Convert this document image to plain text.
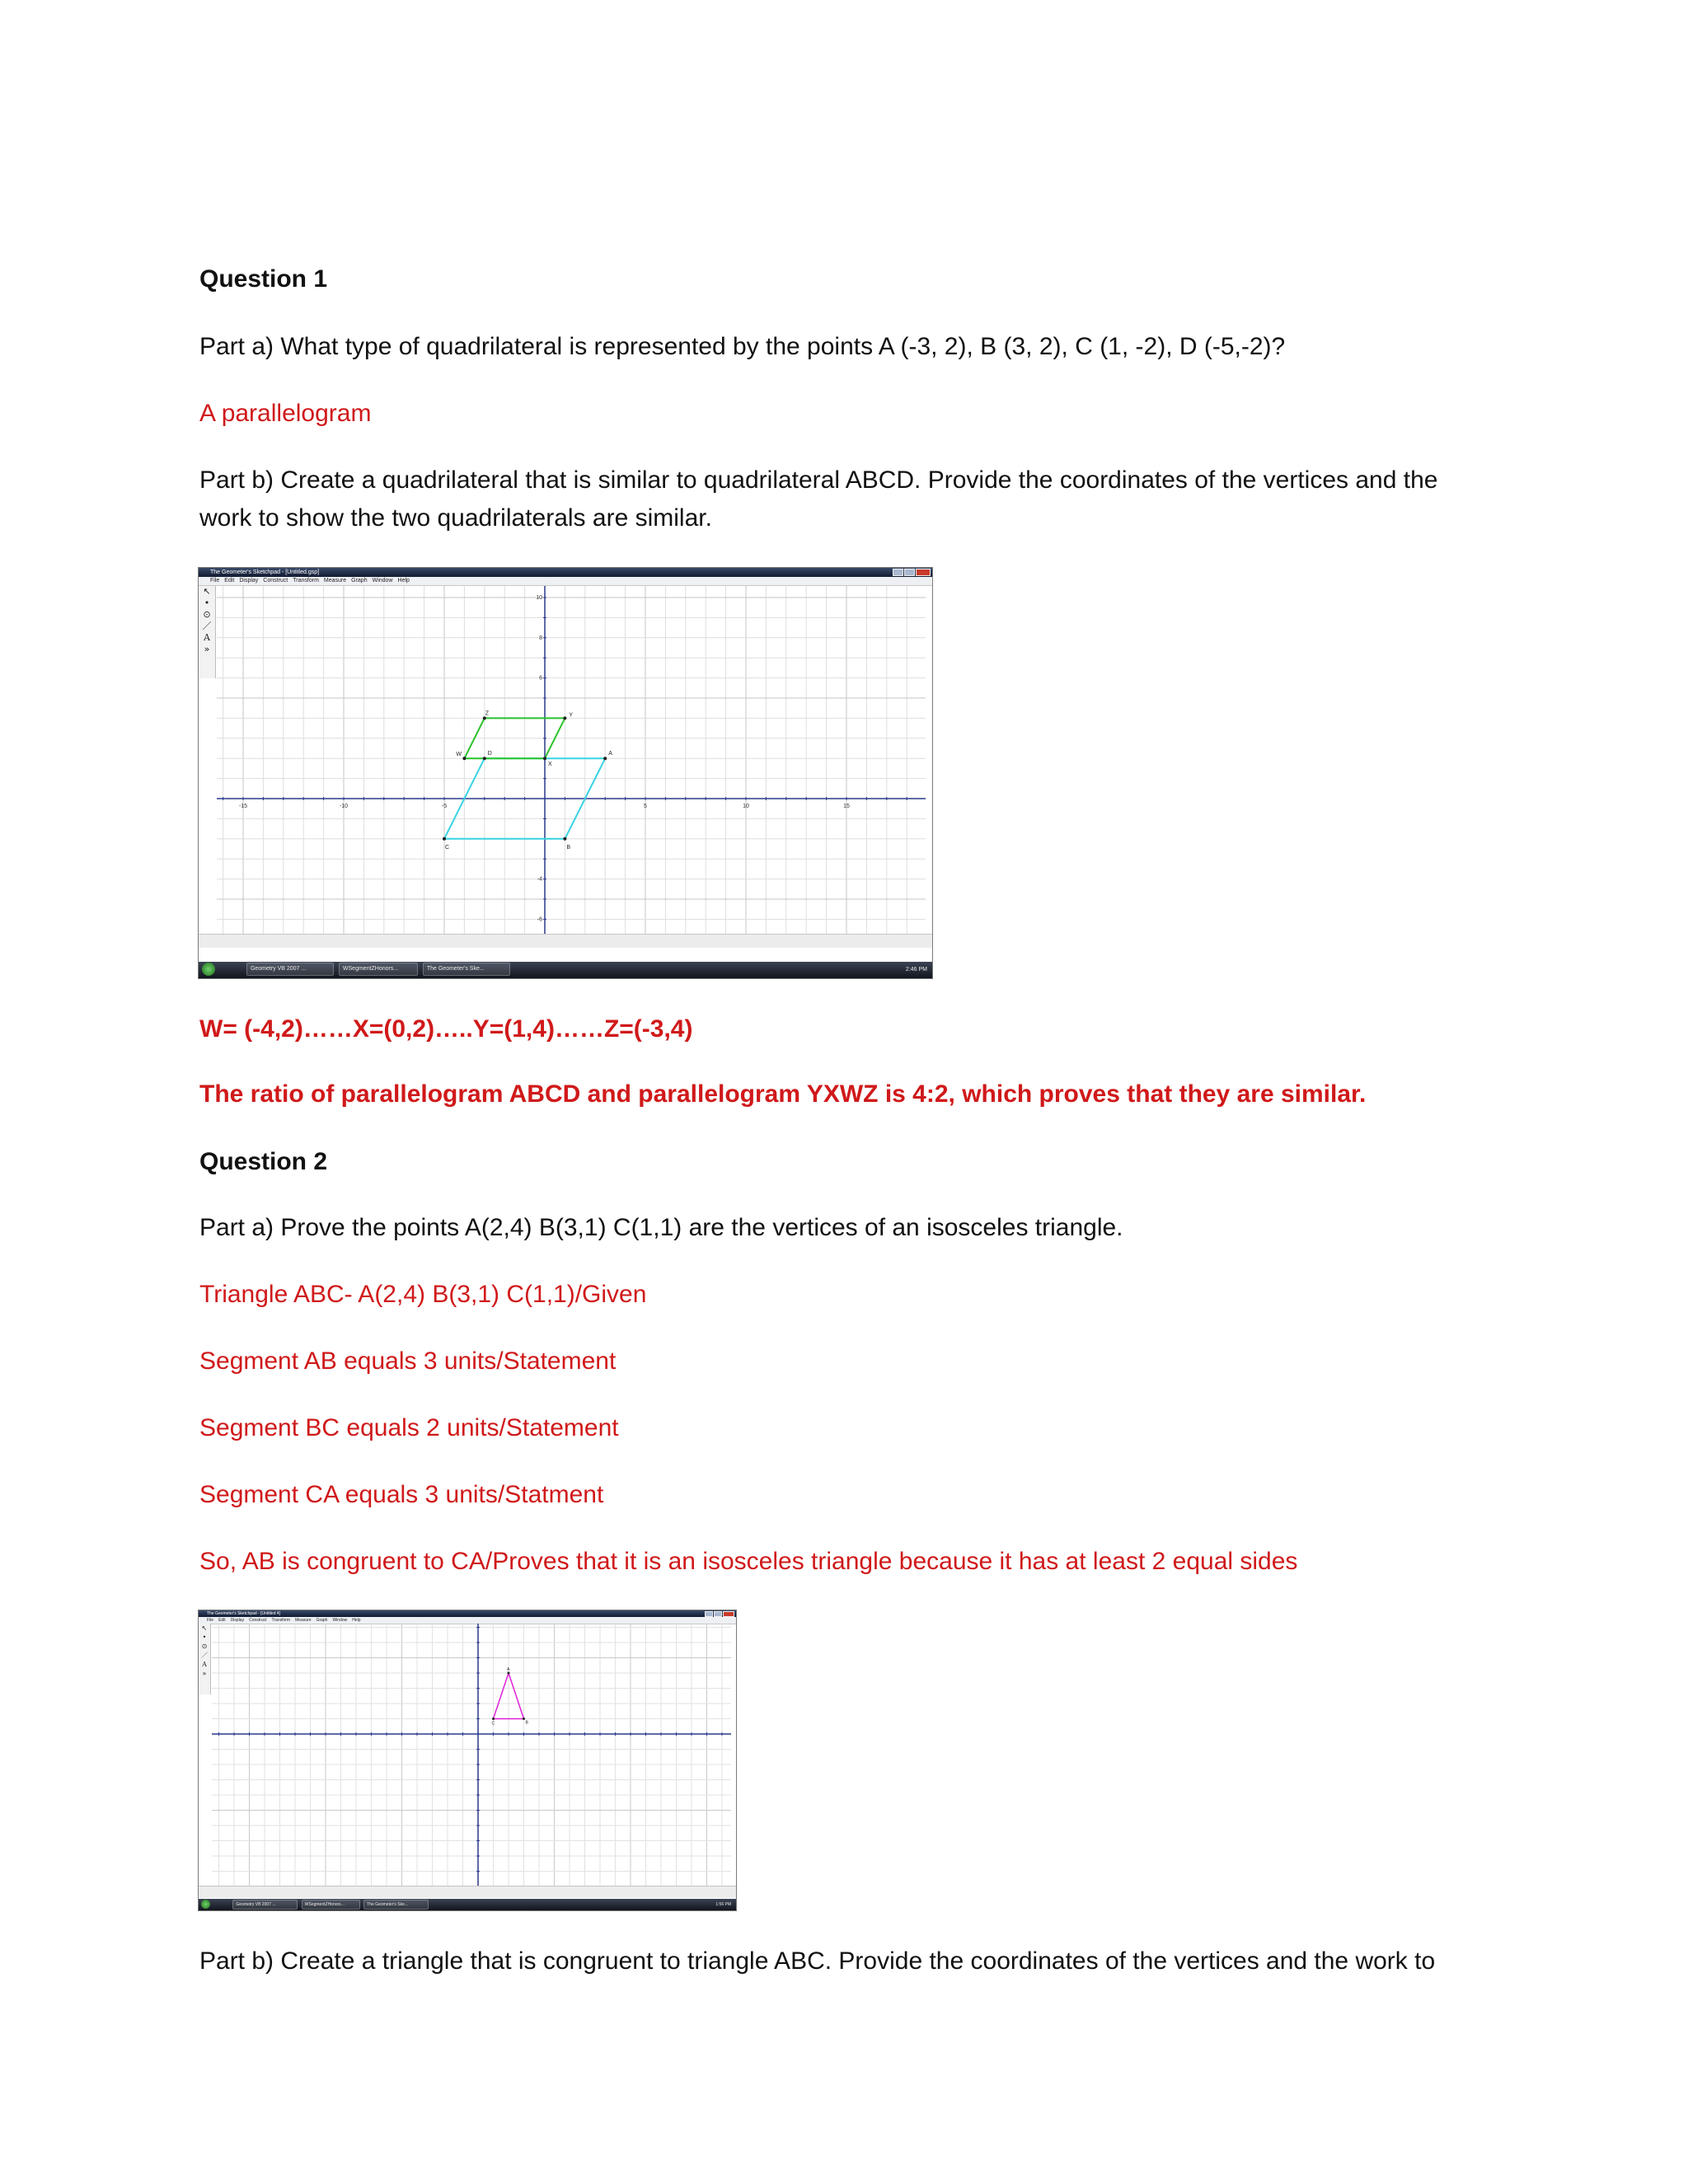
Question 1

Part a) What type of quadrilateral is represented by the points A (-3, 2), B (3, 2), C (1, -2), D (-5,-2)?

A parallelogram

Part b) Create a quadrilateral that is similar to quadrilateral ABCD. Provide the coordinates of the vertices and the

work to show the two quadrilaterals are similar.

The Geometer's Sketchpad - [Untitled.gsp]
File Edit Display Construct Transform Measure Graph Window Help
↖
•
⊙
／
A
»
-15	-10	-5	5	10	15
10
8
6
-4
-6
A
B
C
D
W
X
Y
Z
Geometry VB 2007 ...	WSegmentZHonors...	The Geometer's Ske...	2:46 PM

W= (-4,2)……X=(0,2)…..Y=(1,4)……Z=(-3,4)

The ratio of parallelogram ABCD and parallelogram YXWZ is 4:2, which proves that they are similar.

Question 2

Part a) Prove the points A(2,4) B(3,1) C(1,1) are the vertices of an isosceles triangle.

Triangle ABC- A(2,4) B(3,1) C(1,1)/Given

Segment AB equals 3 units/Statement

Segment BC equals 2 units/Statement

Segment CA equals 3 units/Statment

So, AB is congruent to CA/Proves that it is an isosceles triangle because it has at least 2 equal sides

The Geometer's Sketchpad - [Untitled 4]
File Edit Display Construct Transform Measure Graph Window Help
↖
•
⊙
／
A
»	A
B
C
Geometry VB 2007 ...	WSegmentZHonors...	The Geometer's Ske...	1:56 PM

Part b) Create a triangle that is congruent to triangle ABC. Provide the coordinates of the vertices and the work to
